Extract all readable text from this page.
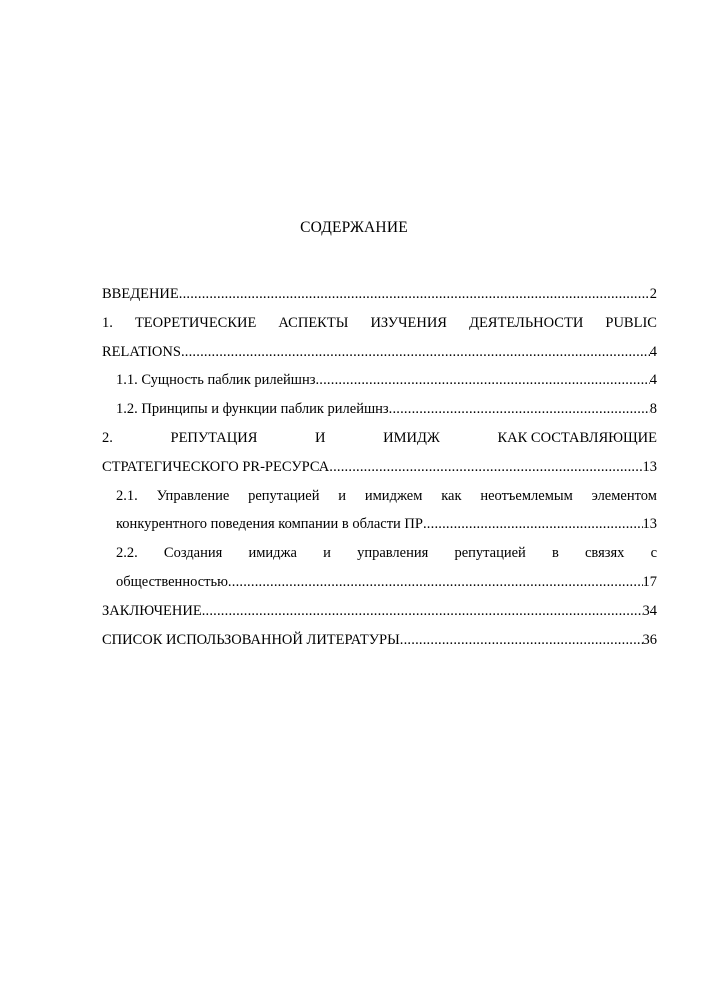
СОДЕРЖАНИЕ
ВВЕДЕНИЕ .....	2
1. ТЕОРЕТИЧЕСКИЕ АСПЕКТЫ ИЗУЧЕНИЯ ДЕЯТЕЛЬНОСТИ PUBLIC
RELATIONS .....	4
1.1. Сущность паблик рилейшнз .....	4
1.2. Принципы и функции паблик рилейшнз .....	8
2.	РЕПУТАЦИЯ	И	ИМИДЖ	КАК СОСТАВЛЯЮЩИЕ
СТРАТЕГИЧЕСКОГО PR-РЕСУРСА .....	13
2.1. Управление репутацией и имиджем как неотъемлемым элементом
конкурентного поведения компании в области ПР .....	13
2.2. Создания имиджа и управления репутацией в связях с
общественностью .....	17
ЗАКЛЮЧЕНИЕ .....	34
СПИСОК ИСПОЛЬЗОВАННОЙ ЛИТЕРАТУРЫ .....	36
